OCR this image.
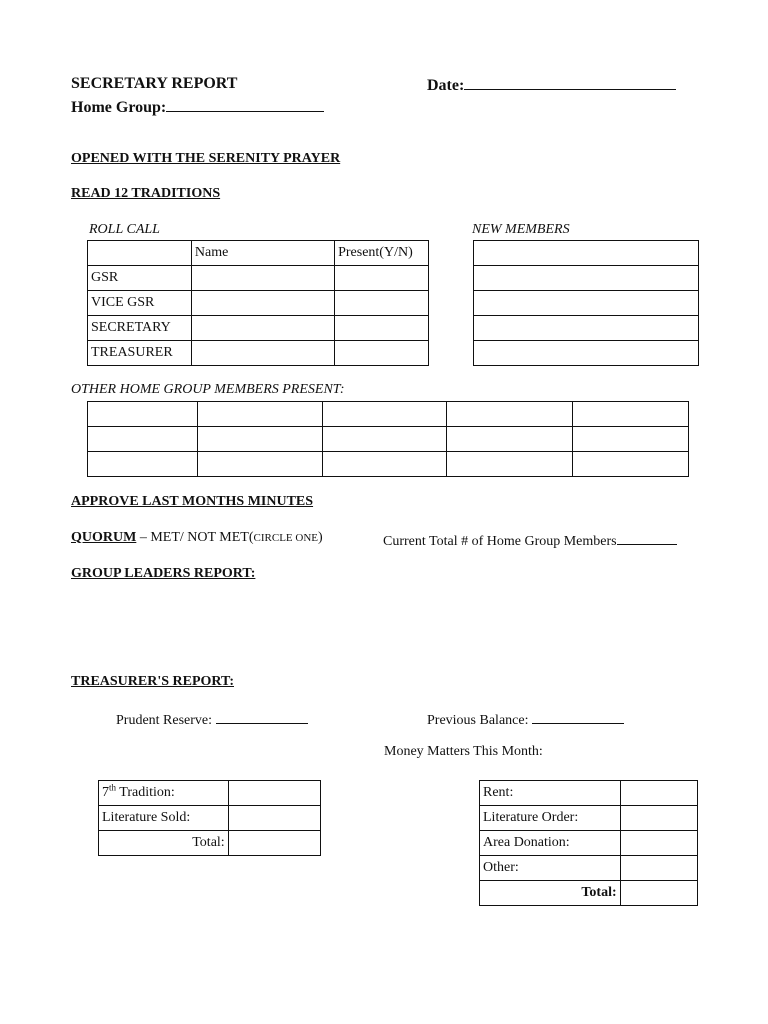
SECRETARY REPORT	Date:
Home Group:
OPENED WITH THE SERENITY PRAYER
READ 12 TRADITIONS
ROLL CALL
	Name	Present(Y/N)
GSR		
VICE GSR		
SECRETARY		
TREASURER		
NEW MEMBERS

OTHER HOME GROUP MEMBERS PRESENT:

APPROVE LAST MONTHS MINUTES
QUORUM – MET/ NOT MET(CIRCLE ONE)	Current Total # of Home Group Members
GROUP LEADERS REPORT:
TREASURER'S REPORT:
Prudent Reserve:	Previous Balance:
Money Matters This Month:
7th Tradition:	
Literature Sold:	
Total:	
Rent:	
Literature Order:	
Area Donation:	
Other:	
Total:	
